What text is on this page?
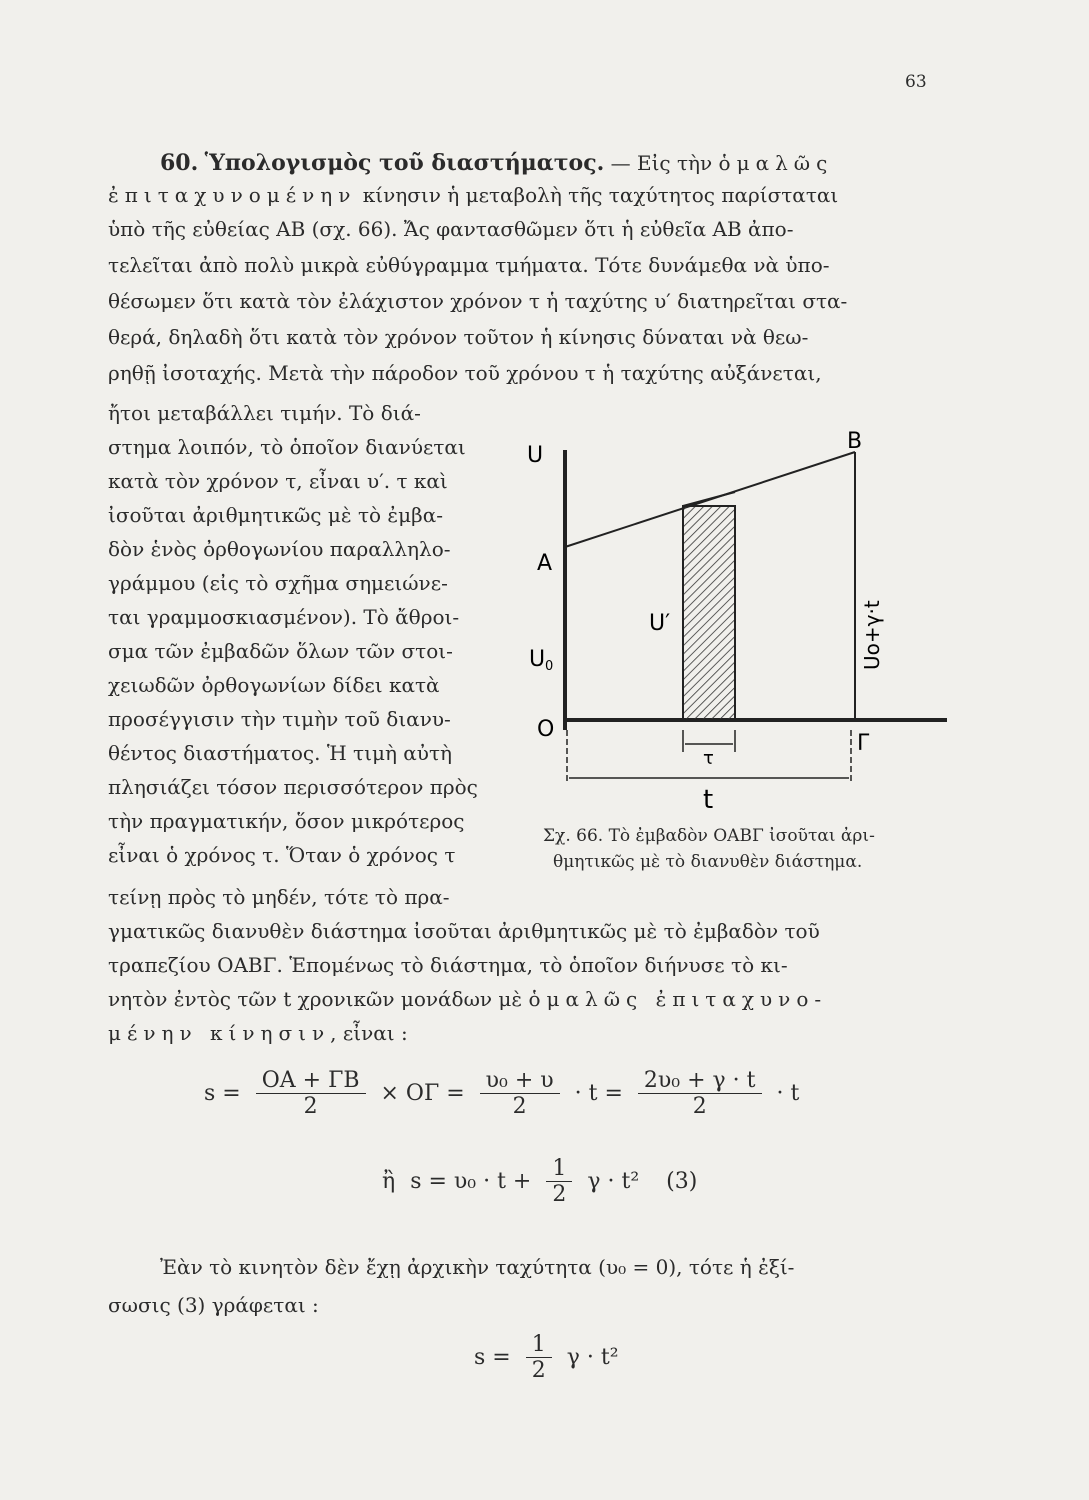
63
60. Ὑπολογισμὸς τοῦ διαστήματος. — Εἰς τὴν ὁμαλῶς
ἐπιταχυνομένην κίνησιν ἡ μεταβολὴ τῆς ταχύτητος παρίσταται
ὑπὸ τῆς εὐθείας ΑΒ (σχ. 66). Ἄς φαντασθῶμεν ὅτι ἡ εὐθεῖα ΑΒ ἀπο-
τελεῖται ἀπὸ πολὺ μικρὰ εὐθύγραμμα τμήματα. Τότε δυνάμεθα νὰ ὑπο-
θέσωμεν ὅτι κατὰ τὸν ἐλάχιστον χρόνον τ ἡ ταχύτης υ′ διατηρεῖται στα-
θερά, δηλαδὴ ὅτι κατὰ τὸν χρόνον τοῦτον ἡ κίνησις δύναται νὰ θεω-
ρηθῇ ἰσοταχής. Μετὰ τὴν πάροδον τοῦ χρόνου τ ἡ ταχύτης αὐξάνεται,
ἤτοι μεταβάλλει τιμήν. Τὸ διά-
στημα λοιπόν, τὸ ὁποῖον διανύεται
κατὰ τὸν χρόνον τ, εἶναι υ′. τ καὶ
ἰσοῦται ἀριθμητικῶς μὲ τὸ ἐμβα-
δὸν ἑνὸς ὀρθογωνίου παραλληλο-
γράμμου (εἰς τὸ σχῆμα σημειώνε-
ται γραμμοσκιασμένον). Τὸ ἄθροι-
σμα τῶν ἐμβαδῶν ὅλων τῶν στοι-
χειωδῶν ὀρθογωνίων δίδει κατὰ
προσέγγισιν τὴν τιμὴν τοῦ διανυ-
θέντος διαστήματος. Ἡ τιμὴ αὐτὴ
πλησιάζει τόσον περισσότερον πρὸς
τὴν πραγματικήν, ὅσον μικρότερος
εἶναι ὁ χρόνος τ. Ὅταν ὁ χρόνος τ
U
B
A
U′
U 0
O
Γ
τ
t
Uo+γ·t
Σχ. 66. Τὸ ἐμβαδὸν ΟΑΒΓ ἰσοῦται ἀρι-
θμητικῶς μὲ τὸ διανυθὲν διάστημα.
τείνῃ πρὸς τὸ μηδέν, τότε τὸ πρα-
γματικῶς διανυθὲν διάστημα ἰσοῦται ἀριθμητικῶς μὲ τὸ ἐμβαδὸν τοῦ
τραπεζίου ΟΑΒΓ. Ἑπομένως τὸ διάστημα, τὸ ὁποῖον διήνυσε τὸ κι-
νητὸν ἐντὸς τῶν t χρονικῶν μονάδων μὲ ὁμαλῶς ἐπιταχυνο-
μένην κίνησιν, εἶναι :
$s = \frac{OA + \Gamma B}{2} \times O\Gamma = \frac{\text{υ₀ + υ}}{2} \cdot t = \frac{\text{2υ₀ + γ · t}}{2} \cdot t$
ἢ $s = \upsilon_0 \cdot t + \frac{1}{2}$ γ · t² (3)
Ἐὰν τὸ κινητὸν δὲν ἔχῃ ἀρχικὴν ταχύτητα (υ₀ = 0), τότε ἡ ἐξί-
σωσις (3) γράφεται :
$s = \frac{1}{2}$ γ · t²
